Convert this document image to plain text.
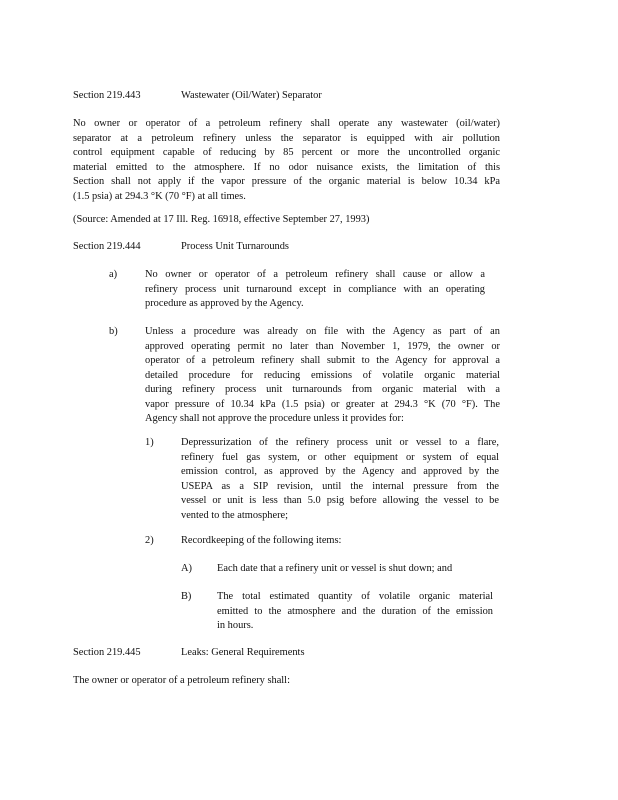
Section 219.443	Wastewater (Oil/Water) Separator
No owner or operator of a petroleum refinery shall operate any wastewater (oil/water)
separator at a petroleum refinery unless the separator is equipped with air pollution
control equipment capable of reducing by 85 percent or more the uncontrolled organic
material emitted to the atmosphere. If no odor nuisance exists, the limitation of this
Section shall not apply if the vapor pressure of the organic material is below 10.34 kPa
(1.5 psia) at 294.3 °K (70 °F) at all times.
(Source: Amended at 17 Ill. Reg. 16918, effective September 27, 1993)
Section 219.444	Process Unit Turnarounds
a)	No owner or operator of a petroleum refinery shall cause or allow a
refinery process unit turnaround except in compliance with an operating
procedure as approved by the Agency.
b)	Unless a procedure was already on file with the Agency as part of an
approved operating permit no later than November 1, 1979, the owner or
operator of a petroleum refinery shall submit to the Agency for approval a
detailed procedure for reducing emissions of volatile organic material
during refinery process unit turnarounds from organic material with a
vapor pressure of 10.34 kPa (1.5 psia) or greater at 294.3 °K (70 °F). The
Agency shall not approve the procedure unless it provides for:
1)	Depressurization of the refinery process unit or vessel to a flare,
refinery fuel gas system, or other equipment or system of equal
emission control, as approved by the Agency and approved by the
USEPA as a SIP revision, until the internal pressure from the
vessel or unit is less than 5.0 psig before allowing the vessel to be
vented to the atmosphere;
2)	Recordkeeping of the following items:
A) Each date that a refinery unit or vessel is shut down; and
B) The total estimated quantity of volatile organic material
emitted to the atmosphere and the duration of the emission
in hours.
Section 219.445	Leaks: General Requirements
The owner or operator of a petroleum refinery shall:
